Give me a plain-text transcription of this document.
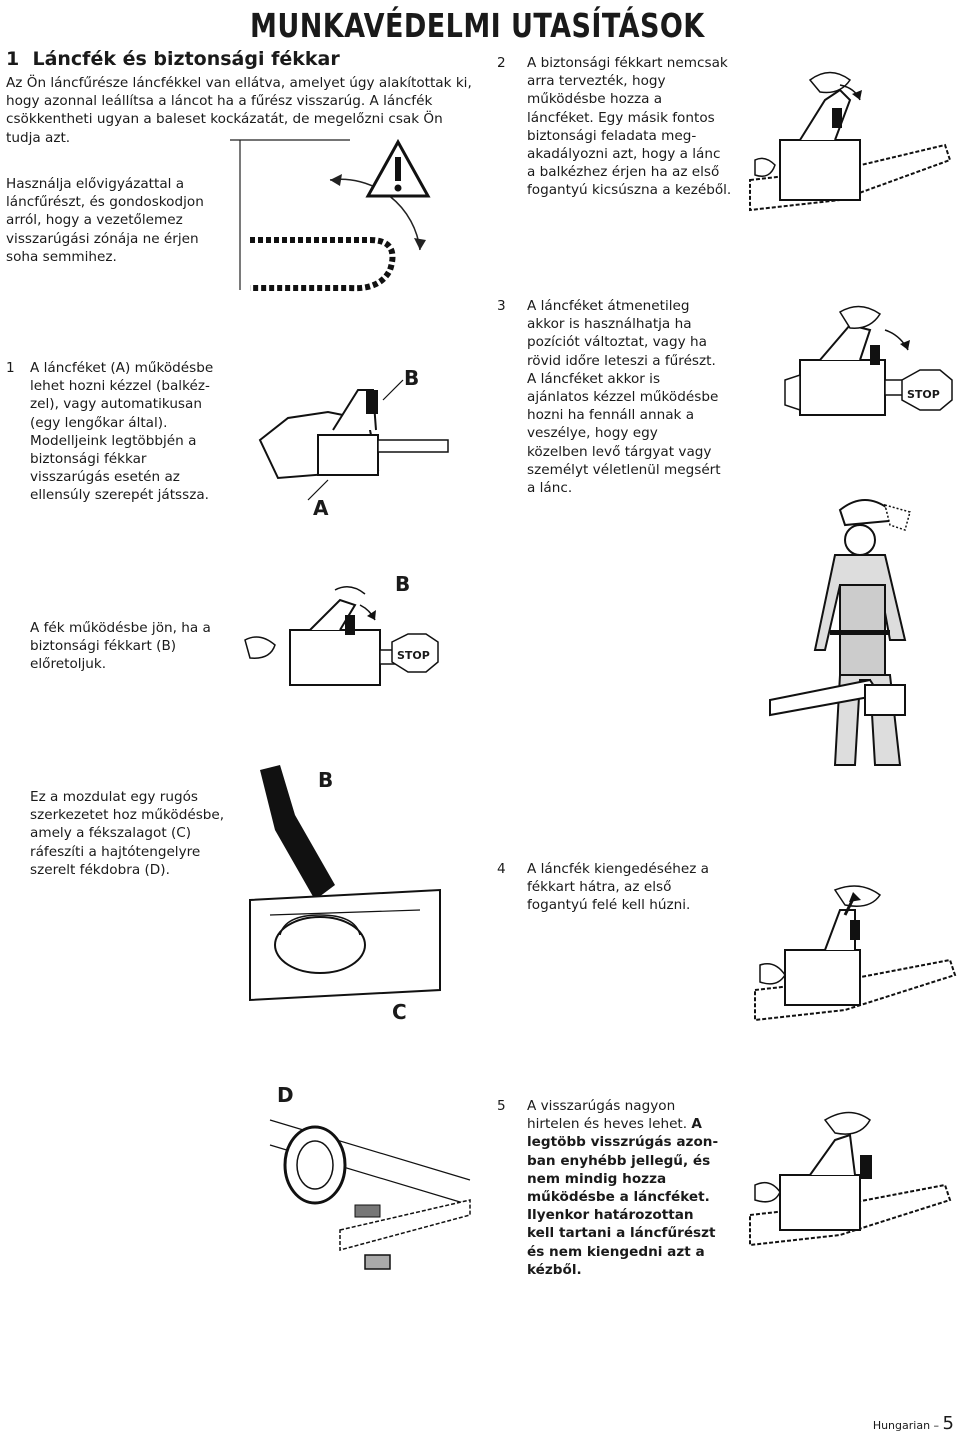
MUNKAVÉDELMI UTASÍTÁSOK
1 Láncfék és biztonsági fékkar
Az Ön láncfűrésze láncfékkel van ellátva, amelyet úgy alakítottak ki, hogy azonnal leállítsa a láncot ha a fűrész visszarúg. A láncfék csökkentheti ugyan a baleset kockázatát, de megelőzni csak Ön tudja azt.
Használja elővigyázattal a láncfűrészt, és gondoskodjon arról, hogy a vezetőlemez visszarúgási zónája ne érjen soha semmihez.
1 A láncféket (A) működésbe lehet hozni kézzel (balkéz-zel), vagy automatikusan (egy lengőkar által). Modelljeink legtöbbjén a biztonsági fékkar visszarúgás esetén az ellensúly szerepét játssza.
A
B
2 A biztonsági fékkart nemcsak arra tervezték, hogy működésbe hozza a láncféket. Egy másik fontos biztonsági feladata meg-akadályozni azt, hogy a lánc a balkézhez érjen ha az első fogantyú kicsúszna a kezéből.
3 A láncféket átmenetileg akkor is használhatja ha pozíciót változtat, vagy ha rövid időre leteszi a fűrészt. A láncféket akkor is ajánlatos kézzel működésbe hozni ha fennáll annak a veszélye, hogy egy közelben levő tárgyat vagy személyt véletlenül megsért a lánc.
STOP
B
A fék működésbe jön, ha a biztonsági fékkart (B) előretoljuk.
STOP
Ez a mozdulat egy rugós szerkezetet hoz működésbe, amely a fékszalagot (C) ráfeszíti a hajtótengelyre szerelt fékdobra (D).
B
C
4 A láncfék kiengedéséhez a fékkart hátra, az első fogantyú felé kell húzni.
D	5 A visszarúgás nagyon hirtelen és heves lehet. A legtöbb visszrúgás azon-ban enyhébb jellegű, és nem mindig hozza működésbe a láncféket. Ilyenkor határozottan kell tartani a láncfűrészt és nem kiengedni azt a kézből.
Hungarian – 5
